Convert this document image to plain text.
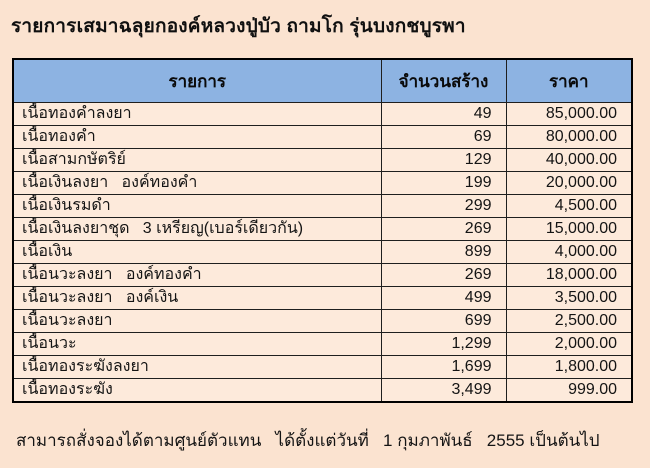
รายการเสมาฉลุยกองค์หลวงปู่บัว ถามโก รุ่นบงกชบูรพา
รายการ	จำนวนสร้าง	ราคา
เนื้อทองคำลงยา	49	85,000.00
เนื้อทองคำ	69	80,000.00
เนื้อสามกษัตริย์	129	40,000.00
เนื้อเงินลงยา   องค์ทองคำ	199	20,000.00
เนื้อเงินรมดำ	299	4,500.00
เนื้อเงินลงยาชุด   3 เหรียญ(เบอร์เดียวกัน)	269	15,000.00
เนื้อเงิน	899	4,000.00
เนื้อนวะลงยา   องค์ทองคำ	269	18,000.00
เนื้อนวะลงยา   องค์เงิน	499	3,500.00
เนื้อนวะลงยา	699	2,500.00
เนื้อนวะ	1,299	2,000.00
เนื้อทองระฆังลงยา	1,699	1,800.00
เนื้อทองระฆัง	3,499	999.00
สามารถสั่งจองได้ตามศูนย์ตัวแทน   ได้ตั้งแต่วันที่   1 กุมภาพันธ์   2555 เป็นต้นไป
